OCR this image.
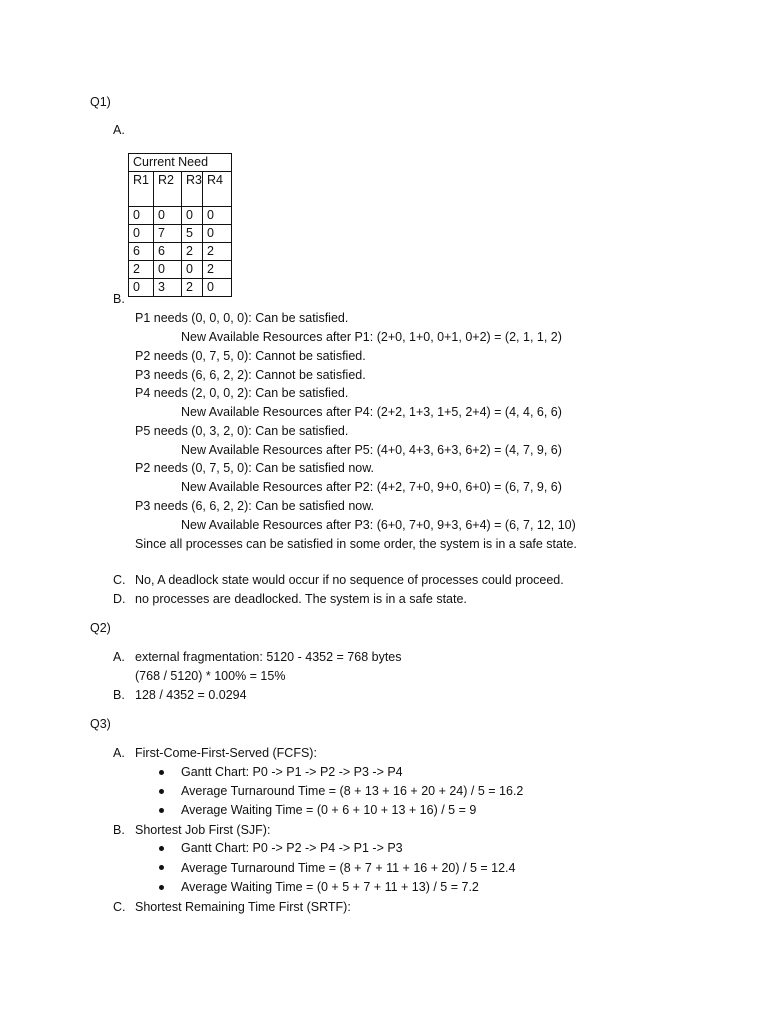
Q1)
A.
Current Need			
R1	R2	R3	R4
0	0	0	0
0	7	5	0
6	6	2	2
2	0	0	2
0	3	2	0
B.
P1 needs (0, 0, 0, 0): Can be satisfied.
New Available Resources after P1: (2+0, 1+0, 0+1, 0+2) = (2, 1, 1, 2)
P2 needs (0, 7, 5, 0): Cannot be satisfied.
P3 needs (6, 6, 2, 2): Cannot be satisfied.
P4 needs (2, 0, 0, 2): Can be satisfied.
New Available Resources after P4: (2+2, 1+3, 1+5, 2+4) = (4, 4, 6, 6)
P5 needs (0, 3, 2, 0): Can be satisfied.
New Available Resources after P5: (4+0, 4+3, 6+3, 6+2) = (4, 7, 9, 6)
P2 needs (0, 7, 5, 0): Can be satisfied now.
New Available Resources after P2: (4+2, 7+0, 9+0, 6+0) = (6, 7, 9, 6)
P3 needs (6, 6, 2, 2): Can be satisfied now.
New Available Resources after P3: (6+0, 7+0, 9+3, 6+4) = (6, 7, 12, 10)
Since all processes can be satisfied in some order, the system is in a safe state.
C. No, A deadlock state would occur if no sequence of processes could proceed.
D. no processes are deadlocked. The system is in a safe state.
Q2)
A. external fragmentation: 5120 - 4352 = 768 bytes
(768 / 5120) * 100% = 15%
B. 128 / 4352 = 0.0294
Q3)
A. First-Come-First-Served (FCFS):
Gantt Chart: P0 -> P1 -> P2 -> P3 -> P4
Average Turnaround Time = (8 + 13 + 16 + 20 + 24) / 5 = 16.2
Average Waiting Time = (0 + 6 + 10 + 13 + 16) / 5 = 9
B. Shortest Job First (SJF):
Gantt Chart: P0 -> P2 -> P4 -> P1 -> P3
Average Turnaround Time = (8 + 7 + 11 + 16 + 20) / 5 = 12.4
Average Waiting Time = (0 + 5 + 7 + 11 + 13) / 5 = 7.2
C. Shortest Remaining Time First (SRTF):
